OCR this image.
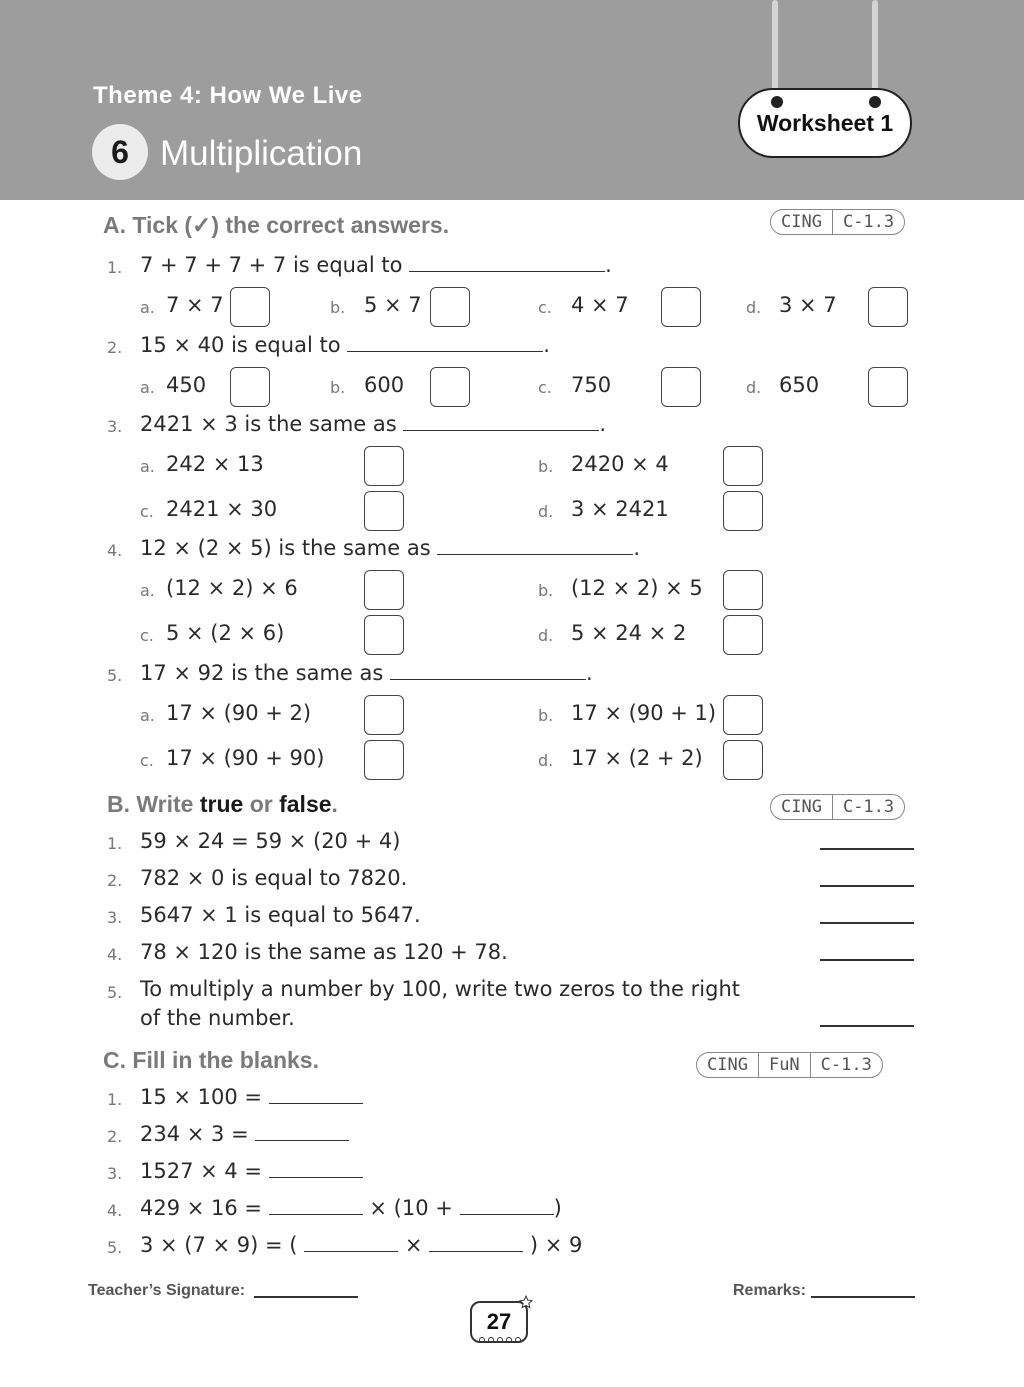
Theme 4: How We Live
6 Multiplication
Worksheet 1
A. Tick (✓) the correct answers.	CING	C-1.3
1. 7 + 7 + 7 + 7 is equal to	.
a. 7 × 7	b. 5 × 7	c. 4 × 7	d. 3 × 7
2. 15 × 40 is equal to	.
a. 450	b. 600	c. 750	d. 650
3. 2421 × 3 is the same as	.
a. 242 × 13	b. 2420 × 4
c. 2421 × 30	d. 3 × 2421
4. 12 × (2 × 5) is the same as	.
a. (12 × 2) × 6	b. (12 × 2) × 5
c. 5 × (2 × 6)	d. 5 × 24 × 2
5. 17 × 92 is the same as	.
a. 17 × (90 + 2)	b. 17 × (90 + 1)
c. 17 × (90 + 90)	d. 17 × (2 + 2)
B. Write true or false.	CING	C-1.3
1. 59 × 24 = 59 × (20 + 4)
2. 782 × 0 is equal to 7820.
3. 5647 × 1 is equal to 5647.
4. 78 × 120 is the same as 120 + 78.
5. To multiply a number by 100, write two zeros to the right
of the number.
C. Fill in the blanks.	CING	FuN	C-1.3
1. 15 × 100 =
2. 234 × 3 =
3. 1527 × 4 =
4. 429 × 16 =	× (10 +	)
5. 3 × (7 × 9) = (	×	) × 9
Teacher’s Signature:	Remarks:
27
